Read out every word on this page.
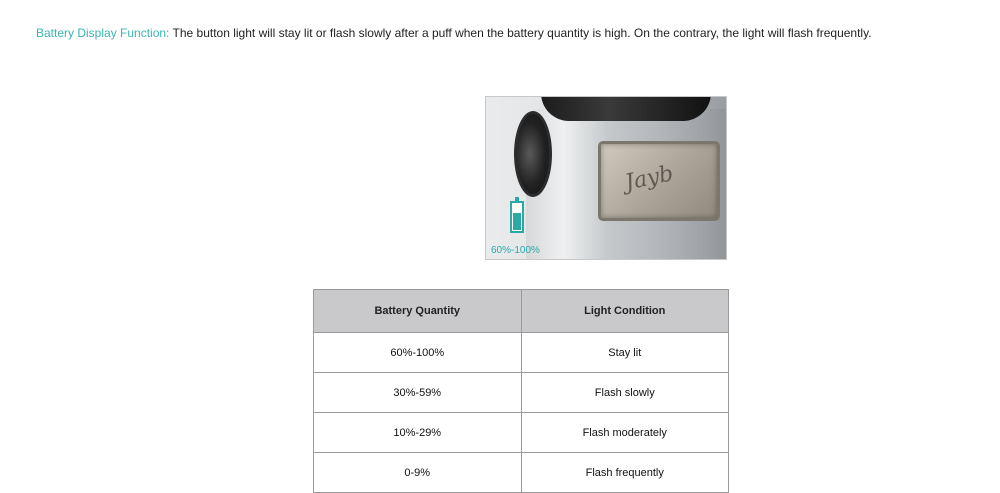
Battery Display Function: The button light will stay lit or flash slowly after a puff when the battery quantity is high. On the contrary, the light will flash frequently.

Jayb
60%-100%
Battery Quantity	Light Condition
60%-100%	Stay lit
30%-59%	Flash slowly
10%-29%	Flash moderately
0-9%	Flash frequently
